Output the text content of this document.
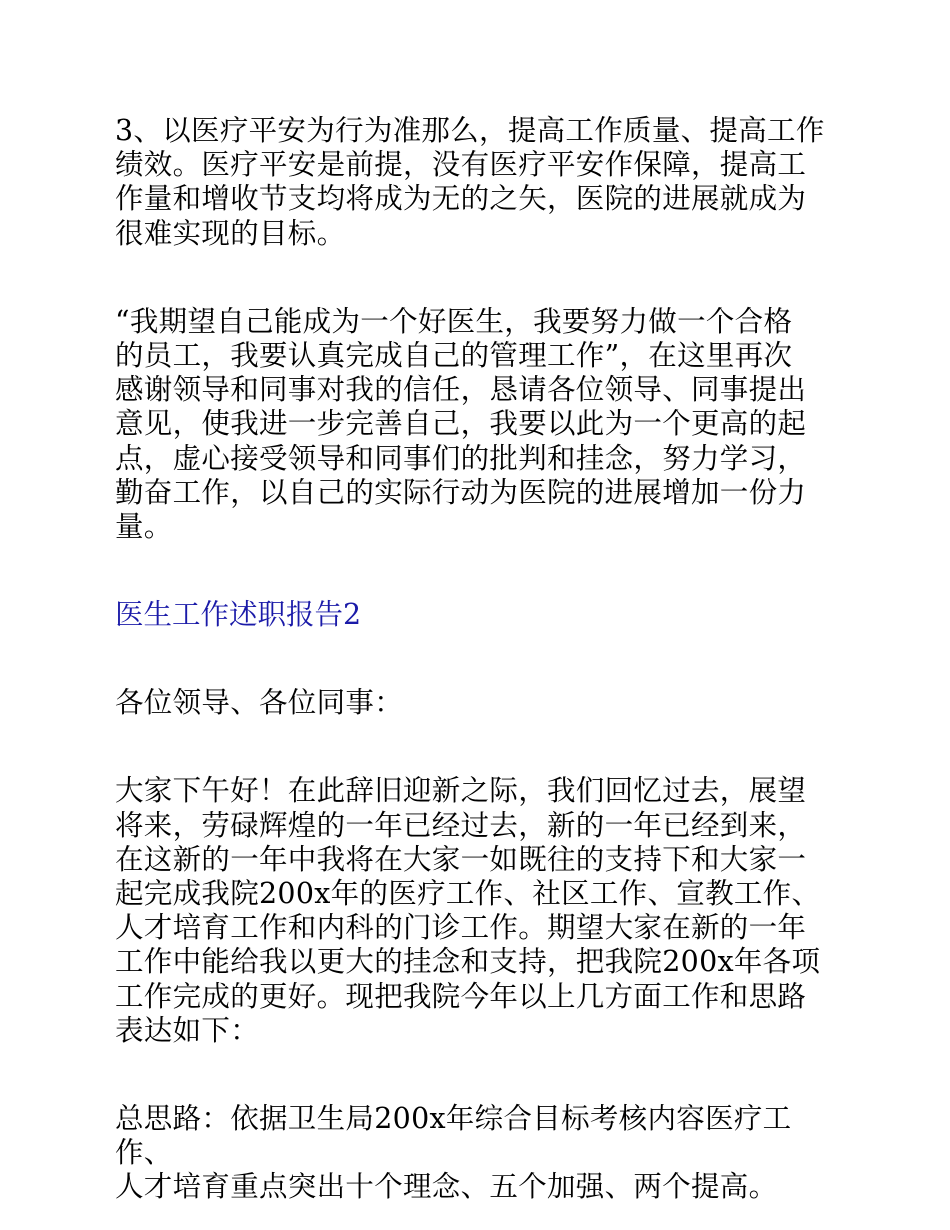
3、以医疗平安为行为准那么，提高工作质量、提高工作
绩效。医疗平安是前提，没有医疗平安作保障，提高工
作量和增收节支均将成为无的之矢，医院的进展就成为
很难实现的目标。

“我期望自己能成为一个好医生，我要努力做一个合格
的员工，我要认真完成自己的管理工作”，在这里再次
感谢领导和同事对我的信任，恳请各位领导、同事提出
意见，使我进一步完善自己，我要以此为一个更高的起
点，虚心接受领导和同事们的批判和挂念，努力学习，
勤奋工作，以自己的实际行动为医院的进展增加一份力
量。

医生工作述职报告2

各位领导、各位同事：

大家下午好！在此辞旧迎新之际，我们回忆过去，展望
将来，劳碌辉煌的一年已经过去，新的一年已经到来，
在这新的一年中我将在大家一如既往的支持下和大家一
起完成我院200x年的医疗工作、社区工作、宣教工作、
人才培育工作和内科的门诊工作。期望大家在新的一年
工作中能给我以更大的挂念和支持，把我院200x年各项
工作完成的更好。现把我院今年以上几方面工作和思路
表达如下：

总思路：依据卫生局200x年综合目标考核内容医疗工作、
人才培育重点突出十个理念、五个加强、两个提高。
